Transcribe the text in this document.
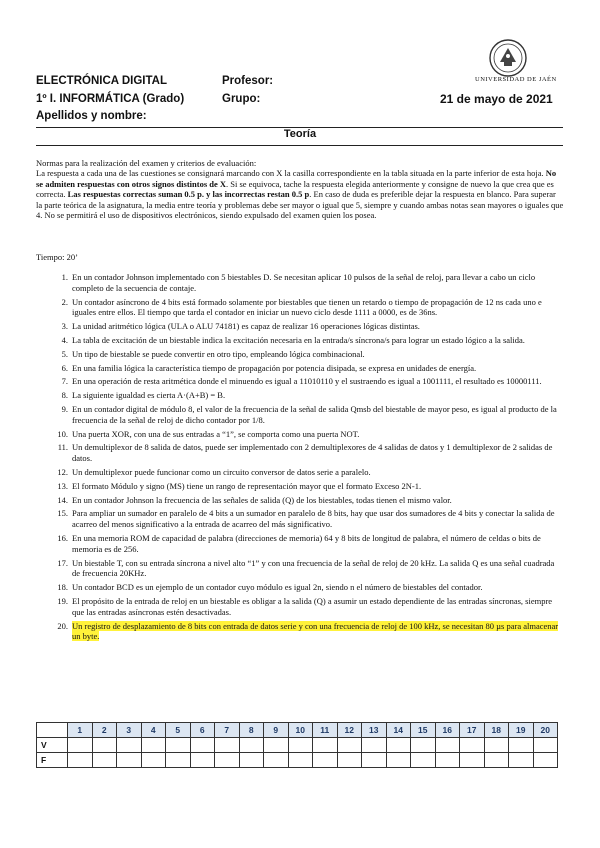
ELECTRÓNICA DIGITAL
1º I. INFORMÁTICA (Grado)
Apellidos y nombre:
Profesor:
Grupo:	21 de mayo de 2021
UNIVERSIDAD DE JAÉN
Teoría

Normas para la realización del examen y criterios de evaluación:

La respuesta a cada una de las cuestiones se consignará marcando con X la casilla correspondiente en la tabla situada en la parte inferior de esta hoja. No se admiten respuestas con otros signos distintos de X. Si se equivoca, tache la respuesta elegida anteriormente y consigne de nuevo la que crea que es correcta. Las respuestas correctas suman 0.5 p. y las incorrectas restan 0.5 p. En caso de duda es preferible dejar la respuesta en blanco. Para superar la parte teórica de la asignatura, la media entre teoría y problemas debe ser mayor o igual que 5, siempre y cuando ambas notas sean mayores o iguales que 4. No se permitirá el uso de dispositivos electrónicos, siendo expulsado del examen quien los posea.

Tiempo: 20’
1. En un contador Johnson implementado con 5 biestables D. Se necesitan aplicar 10 pulsos de la señal de reloj, para llevar a cabo un ciclo completo de la secuencia de contaje.
2. Un contador asíncrono de 4 bits está formado solamente por biestables que tienen un retardo o tiempo de propagación de 12 ns cada uno e iguales entre ellos. El tiempo que tarda el contador en iniciar un nuevo ciclo desde 1111 a 0000, es de 36ns.
3. La unidad aritmético lógica (ULA o ALU 74181) es capaz de realizar 16 operaciones lógicas distintas.
4. La tabla de excitación de un biestable indica la excitación necesaria en la entrada/s síncrona/s para lograr un estado lógico a la salida.
5. Un tipo de biestable se puede convertir en otro tipo, empleando lógica combinacional.
6. En una familia lógica la característica tiempo de propagación por potencia disipada, se expresa en unidades de energía.
7. En una operación de resta aritmética donde el minuendo es igual a 11010110 y el sustraendo es igual a 1001111, el resultado es 10000111.
8. La siguiente igualdad es cierta A·(A+B) = B.
9. En un contador digital de módulo 8, el valor de la frecuencia de la señal de salida Qmsb del biestable de mayor peso, es igual al producto de la frecuencia de la señal de reloj de dicho contador por 1/8.
10. Una puerta XOR, con una de sus entradas a “1”, se comporta como una puerta NOT.
11. Un demultiplexor de 8 salida de datos, puede ser implementado con 2 demultiplexores de 4 salidas de datos y 1 demultiplexor de 2 salidas de datos.
12. Un demultiplexor puede funcionar como un circuito conversor de datos serie a paralelo.
13. El formato Módulo y signo (MS) tiene un rango de representación mayor que el formato Exceso 2N-1.
14. En un contador Johnson la frecuencia de las señales de salida (Q) de los biestables, todas tienen el mismo valor.
15. Para ampliar un sumador en paralelo de 4 bits a un sumador en paralelo de 8 bits, hay que usar dos sumadores de 4 bits y conectar la salida de acarreo del menos significativo a la entrada de acarreo del más significativo.
16. En una memoria ROM de capacidad de palabra (direcciones de memoria) 64 y 8 bits de longitud de palabra, el número de celdas o bits de memoria es de 256.
17. Un biestable T, con su entrada síncrona a nivel alto “1” y con una frecuencia de la señal de reloj de 20 kHz. La salida Q es una señal cuadrada de frecuencia 20KHz.
18. Un contador BCD es un ejemplo de un contador cuyo módulo es igual 2n, siendo n el número de biestables del contador.
19. El propósito de la entrada de reloj en un biestable es obligar a la salida (Q) a asumir un estado dependiente de las entradas síncronas, siempre que las entradas asíncronas estén desactivadas.
20. Un registro de desplazamiento de 8 bits con entrada de datos serie y con una frecuencia de reloj de 100 kHz, se necesitan 80 µs para almacenar un byte.
	1	2	3	4	5	6	7	8	9	10	11	12	13	14	15	16	17	18	19	20
V																				
F																				
